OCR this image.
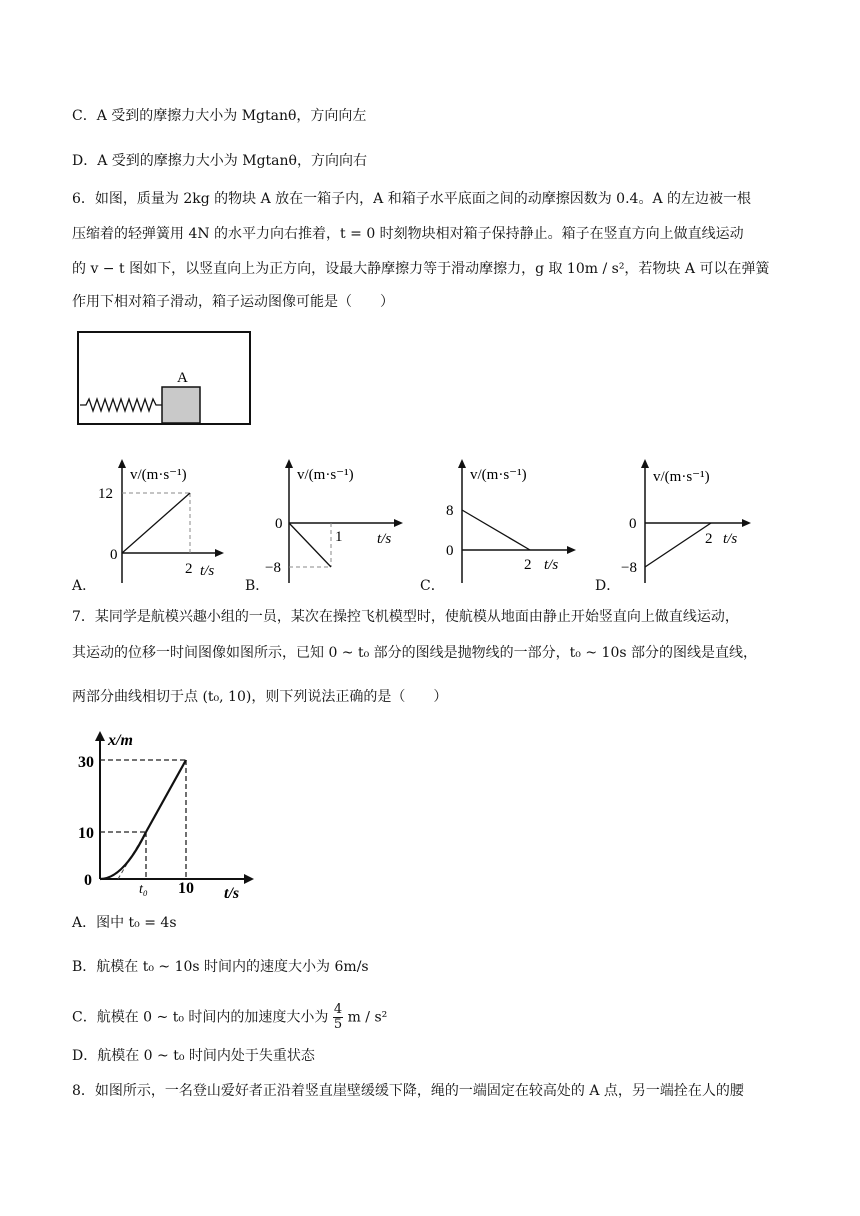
C．A 受到的摩擦力大小为 Mgtanθ，方向向左
D．A 受到的摩擦力大小为 Mgtanθ，方向向右
6．如图，质量为 2kg 的物块 A 放在一箱子内，A 和箱子水平底面之间的动摩擦因数为 0.4。A 的左边被一根
压缩着的轻弹簧用 4N 的水平力向右推着，t = 0 时刻物块相对箱子保持静止。箱子在竖直方向上做直线运动
的 v − t 图如下，以竖直向上为正方向，设最大静摩擦力等于滑动摩擦力，g 取 10m / s²，若物块 A 可以在弹簧
作用下相对箱子滑动，箱子运动图像可能是（　　）
A
v/(m·s⁻¹)
12
0
2 t/s
A．
v/(m·s⁻¹)
0
−8
1 t/s
B．
v/(m·s⁻¹)
8
0
2 t/s
C．
v/(m·s⁻¹)
0
−8
2 t/s
D．
7．某同学是航模兴趣小组的一员，某次在操控飞机模型时，使航模从地面由静止开始竖直向上做直线运动，
其运动的位移一时间图像如图所示，已知 0 ~ t₀ 部分的图线是抛物线的一部分，t₀ ~ 10s 部分的图线是直线，
两部分曲线相切于点 (t₀, 10)，则下列说法正确的是（　　）
x/m
30
10
0
t₀ 10 t/s
A．图中 t₀ = 4s
B．航模在 t₀ ~ 10s 时间内的速度大小为 6m/s
C．航模在 0 ~ t₀ 时间内的加速度大小为 $\frac{4}{5}$ m / s²
D．航模在 0 ~ t₀ 时间内处于失重状态
8．如图所示，一名登山爱好者正沿着竖直崖壁缓缓下降，绳的一端固定在较高处的 A 点，另一端拴在人的腰
